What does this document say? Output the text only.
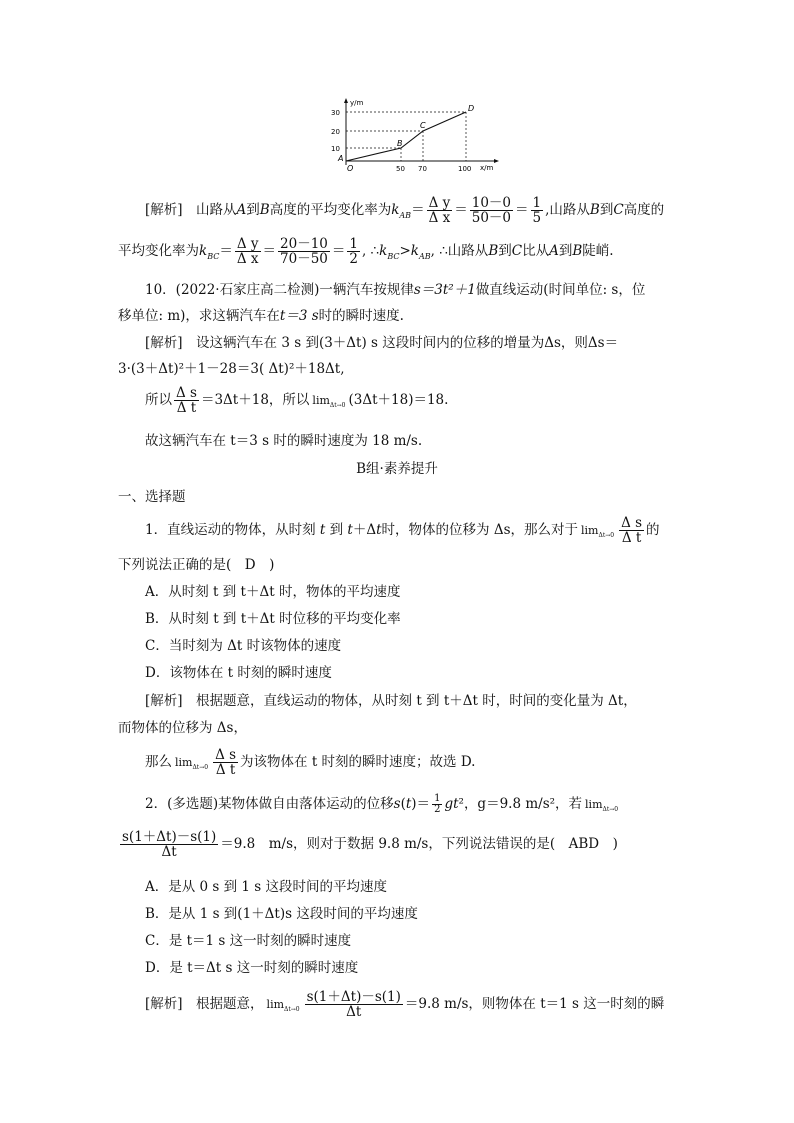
y/m
x/m
O
30
20
10
50 70	100
A
B
C
D
[解析]　 山路从A到B高度的平均变化率为$k_{AB}= \frac{\text{Δ y}}{\text{Δ x}} = \frac{10-0}{50-0} = \frac{1}{5}$ ,山路从B到C高度的
平均变化率为$k_{BC}= \frac{\text{Δ y}}{\text{Δ x}} = \frac{20-10}{70-50} = \frac{1}{2}$ , $\therefore k_{BC}>k_{AB}$, ∴山路从B到C比从A到B陡峭.
10．(2022·石家庄高二检测)一辆汽车按规律s＝3t²＋1做直线运动(时间单位: s，位
移单位: m)，求这辆汽车在t＝3 s时的瞬时速度.
[解析]　 设这辆汽车在 3 s 到(3＋Δt) s 这段时间内的位移的增量为Δs，则Δs＝
3·(3＋Δt)²＋1－28＝3( Δt)²＋18Δt,
所以 $\frac{\text{Δ s}}{\text{Δ t}} =3\Delta t+18$，所以 $\lim_{\Delta t\to 0} (3\Delta t+18)=18$.
故这辆汽车在 t＝3 s 时的瞬时速度为 18 m/s.
B组·素养提升
一、选择题
1．直线运动的物体，从时刻 t 到 t＋Δt时，物体的位移为 Δs，那么对于 $\lim_{\Delta t\to 0} \frac{\text{Δ s}}{\text{Δ t}}$ 的
下列说法正确的是(　D　)
A．从时刻 t 到 t＋Δt 时，物体的平均速度
B．从时刻 t 到 t＋Δt 时位移的平均变化率
C．当时刻为 Δt 时该物体的速度
D．该物体在 t 时刻的瞬时速度
[解析]　 根据题意，直线运动的物体，从时刻 t 到 t＋Δt 时，时间的变化量为 Δt，
而物体的位移为 Δs，
那么 $\lim_{\Delta t\to 0} \frac{\text{Δ s}}{\text{Δ t}}$ 为该物体在 t 时刻的瞬时速度；故选 D.
2．(多选题)某物体做自由落体运动的位移$s(t)= \frac{1}{2} gt^2$，g＝9.8 m/s²，若 $\lim_{\Delta t\to 0}$
$\frac{s(1+\Delta t)-s(1)}{\Delta t} =9.8$　m/s，则对于数据 9.8 m/s，下列说法错误的是(　ABD　)
A．是从 0 s 到 1 s 这段时间的平均速度
B．是从 1 s 到(1＋Δt)s 这段时间的平均速度
C．是 t＝1 s 这一时刻的瞬时速度
D．是 t＝Δt s 这一时刻的瞬时速度
[解析]　 根据题意， $\lim_{\Delta t\to 0} \frac{s(1+\Delta t)-s(1)}{\Delta t} =9.8$ m/s，则物体在 t＝1 s 这一时刻的瞬
